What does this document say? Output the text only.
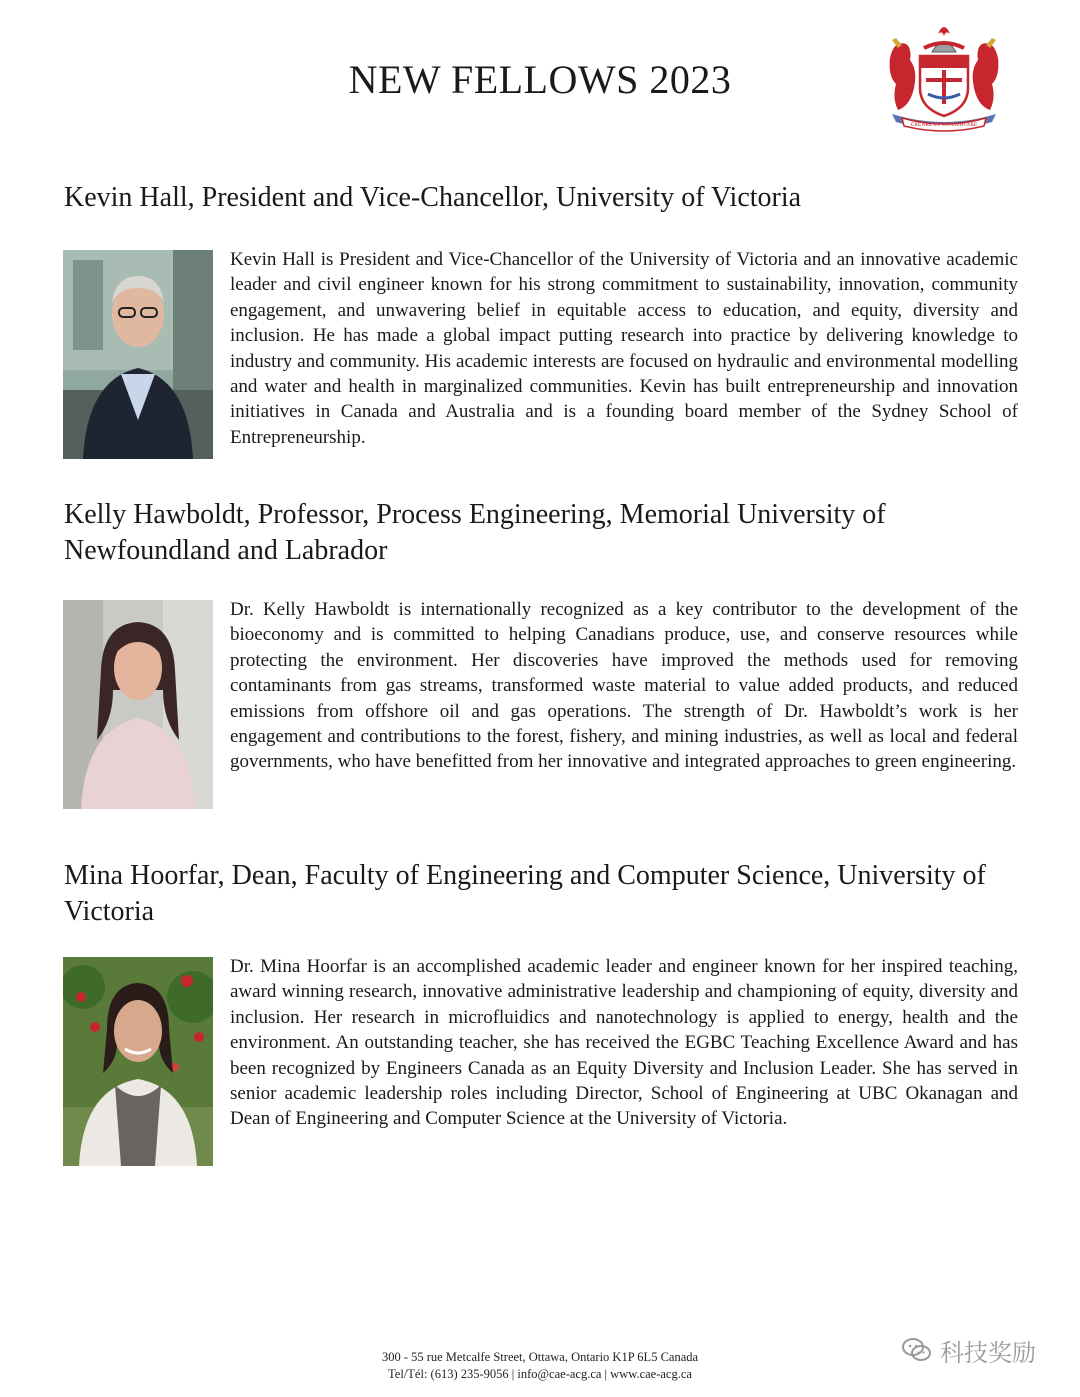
NEW FELLOWS 2023
CREARE ET CONSERVARE
Kevin Hall, President and Vice-Chancellor, University of Victoria

Kevin Hall is President and Vice-Chancellor of the University of Victoria and an innovative academic leader and civil engineer known for his strong commitment to sustainability, innovation, community engagement, and unwavering belief in equitable access to education, and equity, diversity and inclusion. He has made a global impact putting research into practice by delivering knowledge to industry and community. His academic interests are focused on hydraulic and environmental modelling and water and health in marginalized communities. Kevin has built entrepreneurship and innovation initiatives in Canada and Australia and is a founding board member of the Sydney School of Entrepreneurship.

Kelly Hawboldt, Professor, Process Engineering, Memorial University of Newfoundland and Labrador

Dr. Kelly Hawboldt is internationally recognized as a key contributor to the development of the bioeconomy and is committed to helping Canadians produce, use, and conserve resources while protecting the environment. Her discoveries have improved the methods used for removing contaminants from gas streams, transformed waste material to value added products, and reduced emissions from offshore oil and gas operations. The strength of Dr. Hawboldt’s work is her engagement and contributions to the forest, fishery, and mining industries, as well as local and federal governments, who have benefitted from her innovative and integrated approaches to green engineering.

Mina Hoorfar, Dean, Faculty of Engineering and Computer Science, University of Victoria

Dr. Mina Hoorfar is an accomplished academic leader and engineer known for her inspired teaching, award winning research, innovative administrative leadership and championing of equity, diversity and inclusion. Her research in microfluidics and nanotechnology is applied to energy, health and the environment. An outstanding teacher, she has received the EGBC Teaching Excellence Award and has been recognized by Engineers Canada as an Equity Diversity and Inclusion Leader. She has served in senior academic leadership roles including Director, School of Engineering at UBC Okanagan and Dean of Engineering and Computer Science at the University of Victoria.

300 - 55 rue Metcalfe Street, Ottawa, Ontario K1P 6L5 Canada
Tel/Tél: (613) 235-9056 | info@cae-acg.ca | www.cae-acg.ca
科技奖励
